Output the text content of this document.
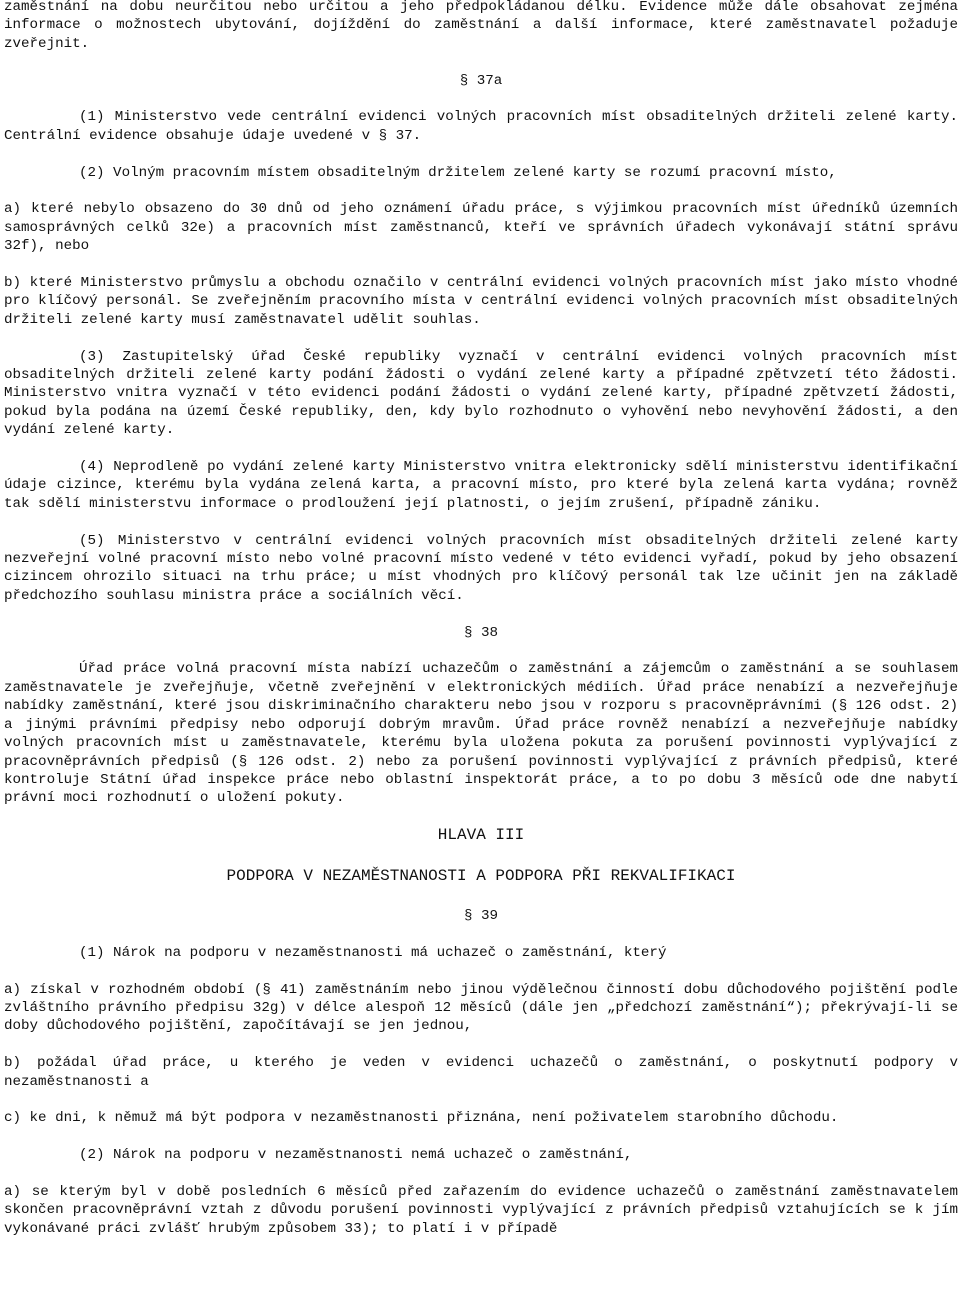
zaměstnání na dobu neurčitou nebo určitou a jeho předpokládanou délku. Evidence může dále obsahovat zejména informace o možnostech ubytování, dojíždění do zaměstnání a další informace, které zaměstnavatel požaduje zveřejnit.

§ 37a

(1) Ministerstvo vede centrální evidenci volných pracovních míst obsaditelných držiteli zelené karty. Centrální evidence obsahuje údaje uvedené v § 37.

(2) Volným pracovním místem obsaditelným držitelem zelené karty se rozumí pracovní místo,

a) které nebylo obsazeno do 30 dnů od jeho oznámení úřadu práce, s výjimkou pracovních míst úředníků územních samosprávných celků 32e) a pracovních míst zaměstnanců, kteří ve správních úřadech vykonávají státní správu 32f), nebo

b) které Ministerstvo průmyslu a obchodu označilo v centrální evidenci volných pracovních míst jako místo vhodné pro klíčový personál. Se zveřejněním pracovního místa v centrální evidenci volných pracovních míst obsaditelných držiteli zelené karty musí zaměstnavatel udělit souhlas.

(3) Zastupitelský úřad České republiky vyznačí v centrální evidenci volných pracovních míst obsaditelných držiteli zelené karty podání žádosti o vydání zelené karty a případné zpětvzetí této žádosti. Ministerstvo vnitra vyznačí v této evidenci podání žádosti o vydání zelené karty, případné zpětvzetí žádosti, pokud byla podána na území České republiky, den, kdy bylo rozhodnuto o vyhovění nebo nevyhovění žádosti, a den vydání zelené karty.

(4) Neprodleně po vydání zelené karty Ministerstvo vnitra elektronicky sdělí ministerstvu identifikační údaje cizince, kterému byla vydána zelená karta, a pracovní místo, pro které byla zelená karta vydána; rovněž tak sdělí ministerstvu informace o prodloužení její platnosti, o jejím zrušení, případně zániku.

(5) Ministerstvo v centrální evidenci volných pracovních míst obsaditelných držiteli zelené karty nezveřejní volné pracovní místo nebo volné pracovní místo vedené v této evidenci vyřadí, pokud by jeho obsazení cizincem ohrozilo situaci na trhu práce; u míst vhodných pro klíčový personál tak lze učinit jen na základě předchozího souhlasu ministra práce a sociálních věcí.

§ 38

Úřad práce volná pracovní místa nabízí uchazečům o zaměstnání a zájemcům o zaměstnání a se souhlasem zaměstnavatele je zveřejňuje, včetně zveřejnění v elektronických médiích. Úřad práce nenabízí a nezveřejňuje nabídky zaměstnání, které jsou diskriminačního charakteru nebo jsou v rozporu s pracovněprávními (§ 126 odst. 2) a jinými právními předpisy nebo odporují dobrým mravům. Úřad práce rovněž nenabízí a nezveřejňuje nabídky volných pracovních míst u zaměstnavatele, kterému byla uložena pokuta za porušení povinnosti vyplývající z pracovněprávních předpisů (§ 126 odst. 2) nebo za porušení povinnosti vyplývající z právních předpisů, které kontroluje Státní úřad inspekce práce nebo oblastní inspektorát práce, a to po dobu 3 měsíců ode dne nabytí právní moci rozhodnutí o uložení pokuty.

HLAVA III

PODPORA V NEZAMĚSTNANOSTI A PODPORA PŘI REKVALIFIKACI

§ 39

(1) Nárok na podporu v nezaměstnanosti má uchazeč o zaměstnání, který

a) získal v rozhodném období (§ 41) zaměstnáním nebo jinou výdělečnou činností dobu důchodového pojištění podle zvláštního právního předpisu 32g) v délce alespoň 12 měsíců (dále jen „předchozí zaměstnání“); překrývají-li se doby důchodového pojištění, započítávají se jen jednou,

b) požádal úřad práce, u kterého je veden v evidenci uchazečů o zaměstnání, o poskytnutí podpory v nezaměstnanosti a

c) ke dni, k němuž má být podpora v nezaměstnanosti přiznána, není poživatelem starobního důchodu.

(2) Nárok na podporu v nezaměstnanosti nemá uchazeč o zaměstnání,

a) se kterým byl v době posledních 6 měsíců před zařazením do evidence uchazečů o zaměstnání zaměstnavatelem skončen pracovněprávní vztah z důvodu porušení povinnosti vyplývající z právních předpisů vztahujících se k jím vykonávané práci zvlášť hrubým způsobem 33); to platí i v případě
